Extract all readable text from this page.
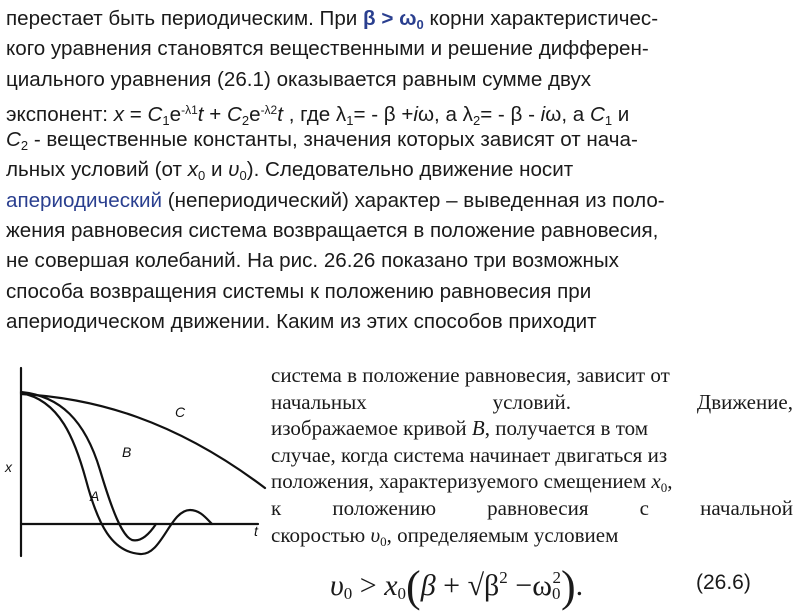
перестает быть периодическим. При $\beta > \omega_0$ корни характеристичес-
кого уравнения становятся вещественными и решение дифферен-
циального уравнения (26.1) оказывается равным сумме двух
экспонент: $x = C_1e^{-\lambda 1}t + C_2e^{-\lambda 2}t$ , где $\lambda_1= - \beta +i\omega$, а $\lambda_2= - \beta - i\omega$, а $C_1$ и
$C_2$ - вещественные константы, значения которых зависят от нача-
льных условий (от $x_0$ и $\upsilon_0$). Следовательно движение носит
апериодический (непериодический) характер – выведенная из поло-
жения равновесия система возвращается в положение равновесия,
не совершая колебаний. На рис. 26.26 показано три возможных
способа возвращения системы к положению равновесия при
апериодическом движении. Каким из этих способов приходит
x
t
C
B
A
система в положение равновесия, зависит от
начальных условий. Движение,
изображаемое кривой B, получается в том
случае, когда система начинает двигаться из
положения, характеризуемого смещением $x_0$,
к положению равновесия с начальной
скоростью $\upsilon_0$, определяемым условием
$\upsilon_0 > x_0(\beta + √\beta^2 -\omega_0^2)$.	(26.6)
